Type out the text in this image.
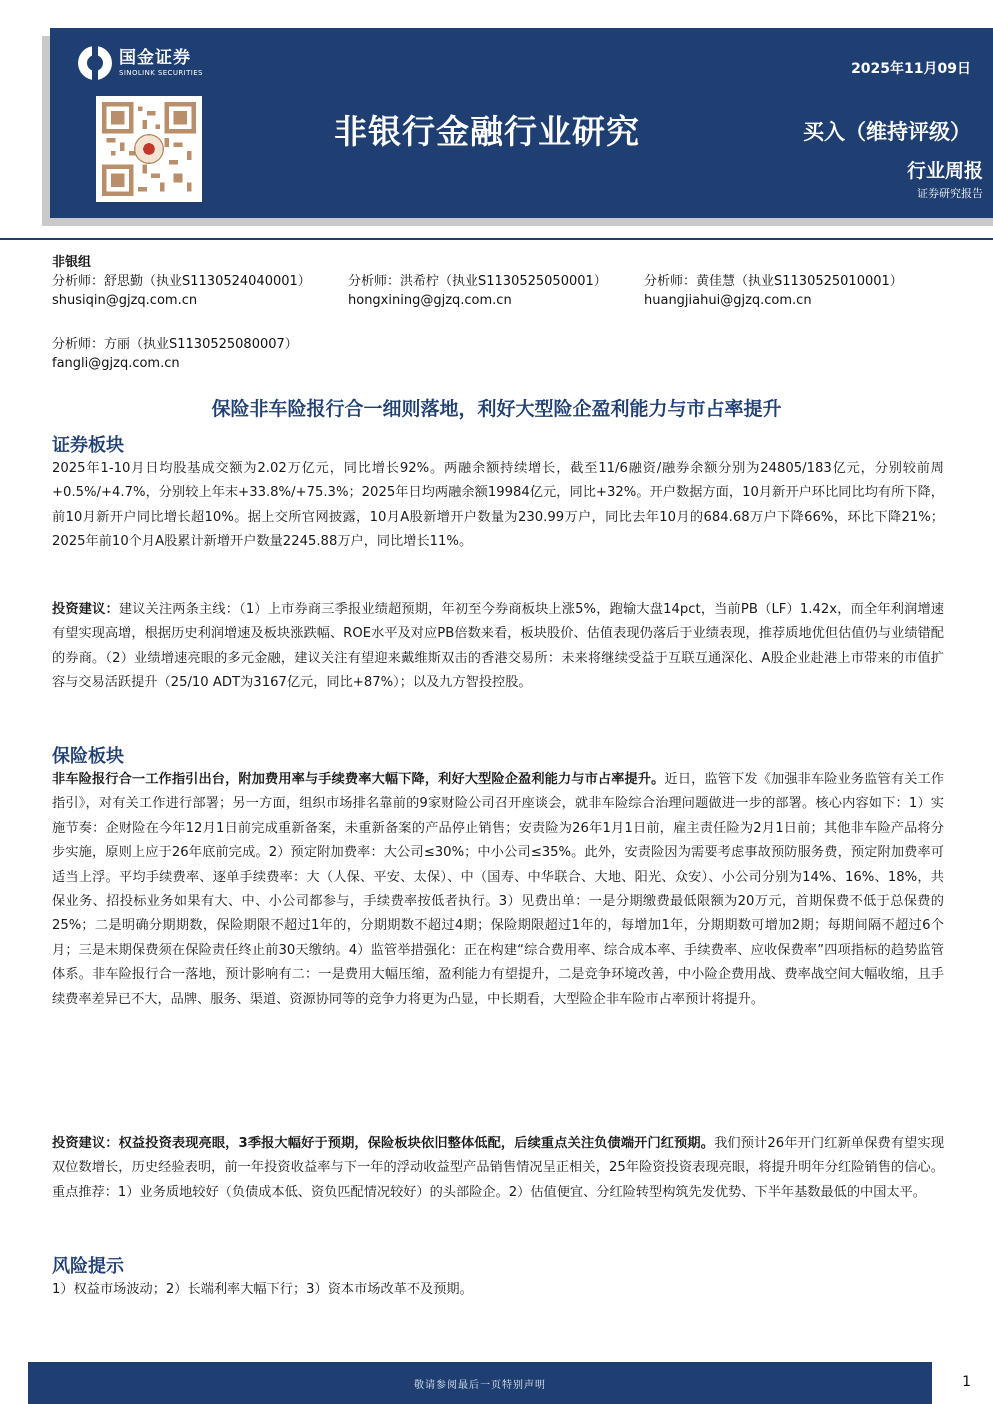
国金证券
SINOLINK SECURITIES	2025年11月09日
非银行金融行业研究	买入（维持评级）
行业周报
证券研究报告
非银组
分析师：舒思勤（执业S1130524040001）
shusiqin@gjzq.com.cn
分析师：洪希柠（执业S1130525050001）
hongxining@gjzq.com.cn
分析师：黄佳慧（执业S1130525010001）
huangjiahui@gjzq.com.cn
分析师：方丽（执业S1130525080007）
fangli@gjzq.com.cn
保险非车险报行合一细则落地，利好大型险企盈利能力与市占率提升
证券板块
2025年1-10月日均股基成交额为2.02万亿元，同比增长92%。两融余额持续增长，截至11/6融资/融券余额分别为24805/183亿元，分别较前周+0.5%/+4.7%，分别较上年末+33.8%/+75.3%；2025年日均两融余额19984亿元，同比+32%。开户数据方面，10月新开户环比同比均有所下降，前10月新开户同比增长超10%。据上交所官网披露，10月A股新增开户数量为230.99万户，同比去年10月的684.68万户下降66%，环比下降21%；2025年前10个月A股累计新增开户数量2245.88万户，同比增长11%。
投资建议：建议关注两条主线：（1）上市券商三季报业绩超预期，年初至今券商板块上涨5%，跑输大盘14pct，当前PB（LF）1.42x，而全年利润增速有望实现高增，根据历史利润增速及板块涨跌幅、ROE水平及对应PB倍数来看，板块股价、估值表现仍落后于业绩表现，推荐质地优但估值仍与业绩错配的券商。（2）业绩增速亮眼的多元金融，建议关注有望迎来戴维斯双击的香港交易所：未来将继续受益于互联互通深化、A股企业赴港上市带来的市值扩容与交易活跃提升（25/10 ADT为3167亿元，同比+87%）；以及九方智投控股。
保险板块
非车险报行合一工作指引出台，附加费用率与手续费率大幅下降，利好大型险企盈利能力与市占率提升。近日，监管下发《加强非车险业务监管有关工作指引》，对有关工作进行部署；另一方面，组织市场排名靠前的9家财险公司召开座谈会，就非车险综合治理问题做进一步的部署。核心内容如下：1）实施节奏：企财险在今年12月1日前完成重新备案，未重新备案的产品停止销售；安责险为26年1月1日前，雇主责任险为2月1日前；其他非车险产品将分步实施，原则上应于26年底前完成。2）预定附加费率：大公司≤30%；中小公司≤35%。此外，安责险因为需要考虑事故预防服务费，预定附加费率可适当上浮。平均手续费率、逐单手续费率：大（人保、平安、太保）、中（国寿、中华联合、大地、阳光、众安）、小公司分别为14%、16%、18%，共保业务、招投标业务如果有大、中、小公司都参与，手续费率按低者执行。3）见费出单：一是分期缴费最低限额为20万元，首期保费不低于总保费的25%；二是明确分期期数，保险期限不超过1年的，分期期数不超过4期；保险期限超过1年的，每增加1年，分期期数可增加2期；每期间隔不超过6个月；三是末期保费须在保险责任终止前30天缴纳。4）监管举措强化：正在构建“综合费用率、综合成本率、手续费率、应收保费率”四项指标的趋势监管体系。非车险报行合一落地，预计影响有二：一是费用大幅压缩，盈利能力有望提升，二是竞争环境改善，中小险企费用战、费率战空间大幅收缩，且手续费率差异已不大，品牌、服务、渠道、资源协同等的竞争力将更为凸显，中长期看，大型险企非车险市占率预计将提升。
投资建议：权益投资表现亮眼，3季报大幅好于预期，保险板块依旧整体低配，后续重点关注负债端开门红预期。我们预计26年开门红新单保费有望实现双位数增长，历史经验表明，前一年投资收益率与下一年的浮动收益型产品销售情况呈正相关，25年险资投资表现亮眼，将提升明年分红险销售的信心。重点推荐：1）业务质地较好（负债成本低、资负匹配情况较好）的头部险企。2）估值便宜、分红险转型构筑先发优势、下半年基数最低的中国太平。
风险提示
1）权益市场波动；2）长端利率大幅下行；3）资本市场改革不及预期。
敬请参阅最后一页特别声明	1
